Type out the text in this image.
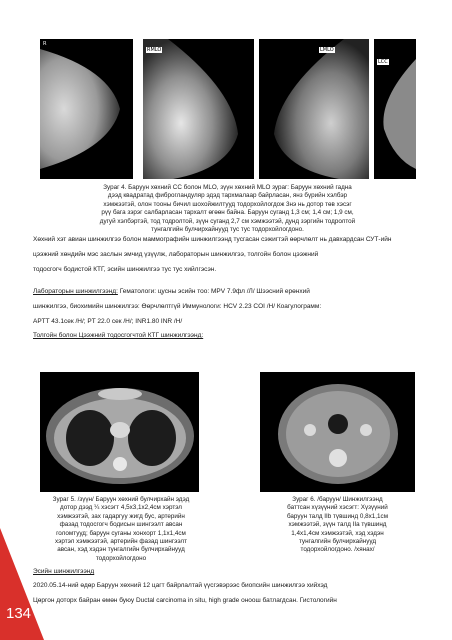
R
RMLO	LMLO
LCC
Зураг 4. Баруун хөхний CC болон MLO, зүүн хөхний MLO зураг: Баруун хөхний гадна
дээд квадратад фиброгландуляр эдэд тархмалаар байрласан, янз бүрийн хэлбэр
хэмжээтэй, олон тооны бичил шохойжилтууд тодорхойлогдож 3нэ нь дотор төв хэсэг
рүү бага зэрэг салбарласан тархалт өгөөн байна. Баруун суганд 1,3 см; 1,4 см; 1,9 см,
дугуй хэлбэртэй, тод тодролтой, зүүн суганд 2,7 см хэмжээтэй, дунд зэргийн тодролтой
тунгалгийн булчирхайнууд тус тус тодорхойлогдоно.
Хөхний хэт авиан шинжилгээ болон маммографийн шинжилгээнд тусгасан сэжигтэй өөрчлөлт нь давхардсан СУТ-ийн
цээжний хөндийн мэс заслын эмчид үзүүлж, лабораторын шинжилгээ, толгойн болон цээжний
тодосгогч бодистой КТГ, эсийн шинжилгээ тус тус хийлгэсэн.
Лабораторын шинжилгээнд: Гематологи: цусны эсийн тоо: MPV 7.9фл /Л/ Шээсний ерөнхий
шинжилгээ, биохимийн шинжилгээ: Өөрчлөлтгүй Иммунологи: HCV 2.23 COI /H/ Коагулограмм:
APTT 43.1сек /H/; PT 22.0 сек /H/; INR1.80 INR /H/
Толгойн болон Цээжний тодосгогчтой КТГ шинжилгээнд:
Зураг 5. /зүүн/ Баруун хөхний булчирхайн эдэд
дотор дээд ¼ хэсэгт 4,5х3,1х2,4см хэртэл
хэмжээтэй, зах гадаргуу жигд бус, артерийн
фазад тодосгогч бодисын шингээлт авсан
голомтууд; баруун суганы хонхорт 1,1х1,4см
хэртэл хэмжээтэй, артерийн фазад шингээлт
авсан, хэд хэдэн тунгалгийн булчирхайнууд
тодорхойлогдоно
Зураг 6. /баруун/ Шинжилгээнд
баттсан хүзүүний хэсэгт: Хүзүүний
баруун талд IIb түвшинд 0,8х1,1см
хэмжээтэй, зүүн талд IIa түвшинд
1,4х1,4см хэмжээтэй, хэд хэдэн
тунгалгийн булчирхайнууд
тодорхойлогдоно. /хянах/
Эсийн шинжилгээнд
2020.05.14-ний өдөр Баруун хөхний 12 цагт байрлалтай үүсгэвэрээс биопсийн шинжилгээ хийхэд
Цөргон доторх байран өмөн буюу Ductal carcinoma in situ, high grade оноош батлагдсан. Гистологийн
134
